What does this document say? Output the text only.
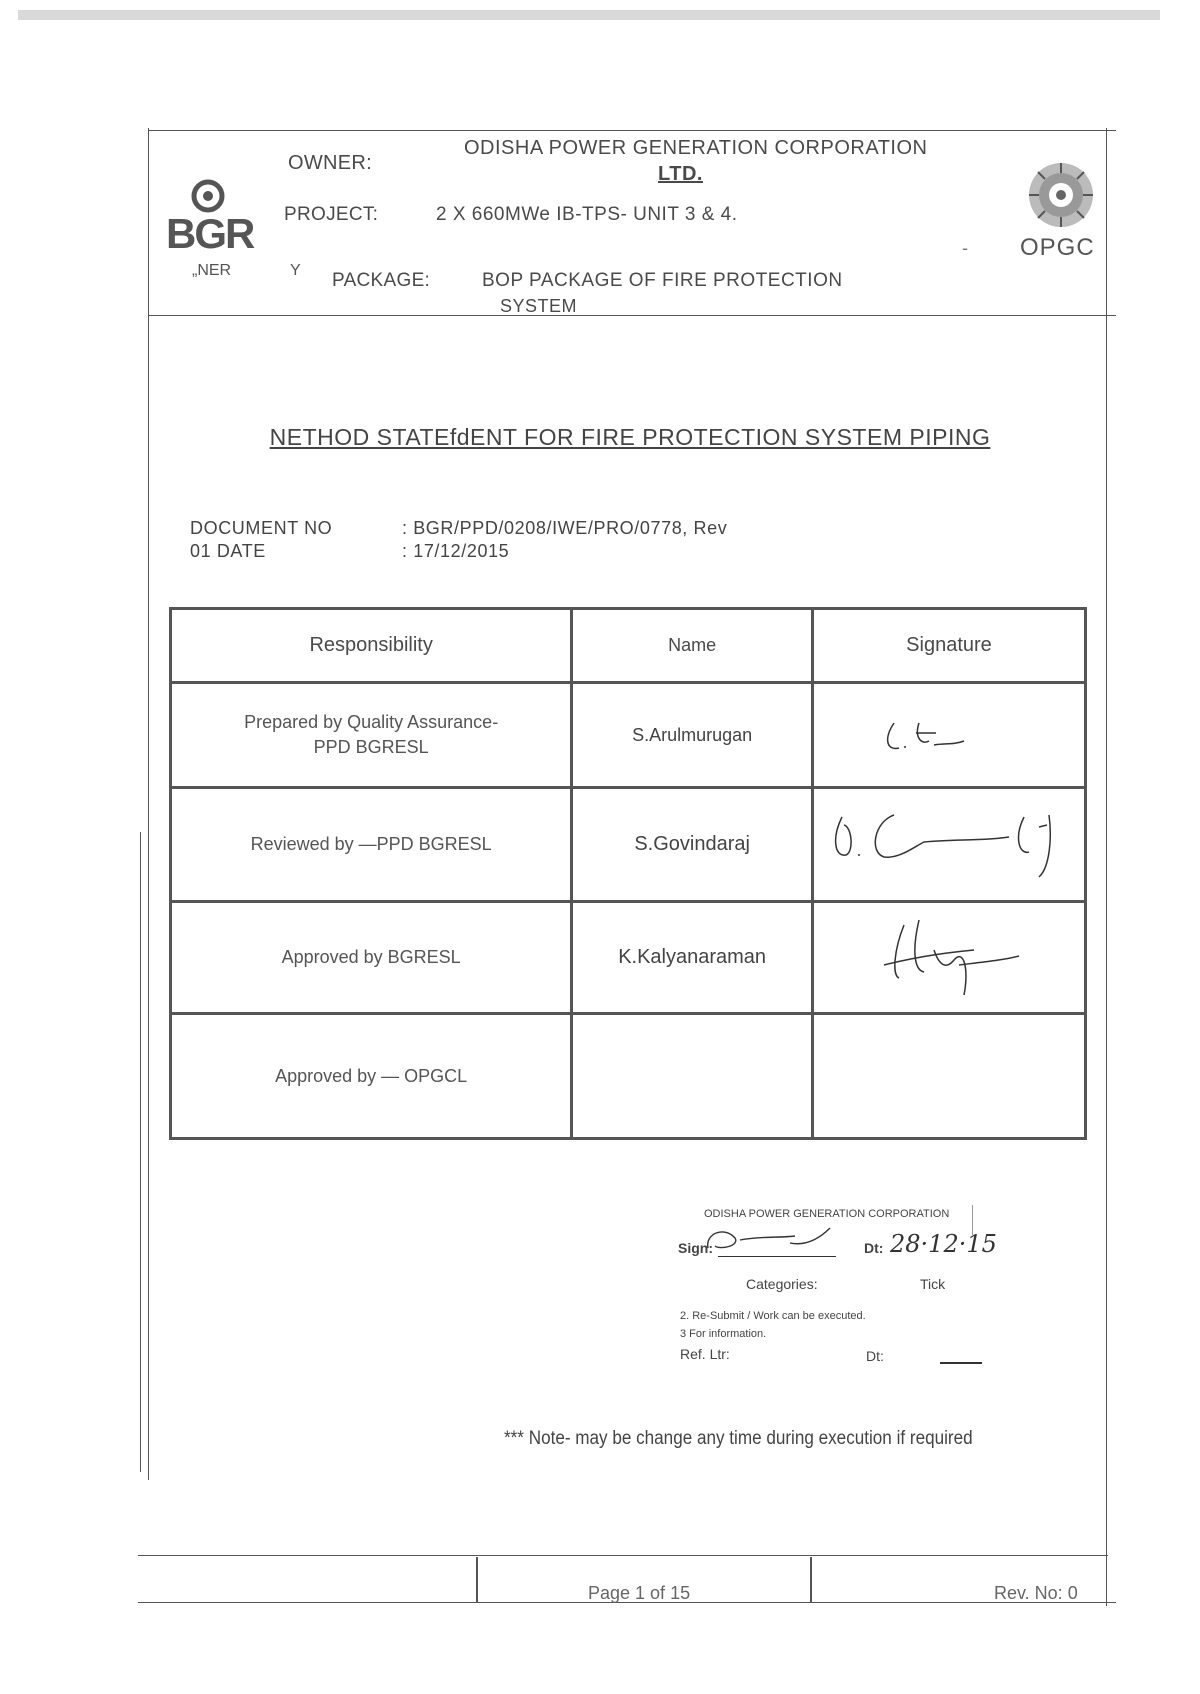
BGR
„NER	Y
OWNER:
ODISHA POWER GENERATION CORPORATION
LTD.
PROJECT:	2 X 660MWe IB-TPS- UNIT 3 & 4.
PACKAGE:	BOP PACKAGE OF FIRE PROTECTION
SYSTEM
- OPGC
NETHOD STATEfdENT FOR FIRE PROTECTION SYSTEM PIPING
DOCUMENT NO	: BGR/PPD/0208/IWE/PRO/0778, Rev
01 DATE	: 17/12/2015
Responsibility	Name	Signature

Prepared by Quality Assurance-
PPD BGRESL	S.Arulmurugan	

Reviewed by —PPD BGRESL	S.Govindaraj	

Approved by BGRESL	K.Kalyanaraman	

Approved by — OPGCL		

ODISHA POWER GENERATION CORPORATION
Sign:	Dt: 28·12·15
Categories:	Tick
2. Re-Submit / Work can be executed.
3 For information.
Ref. Ltr:	Dt:
*** Note- may be change any time during execution if required
Page 1 of 15	Rev. No: 0
